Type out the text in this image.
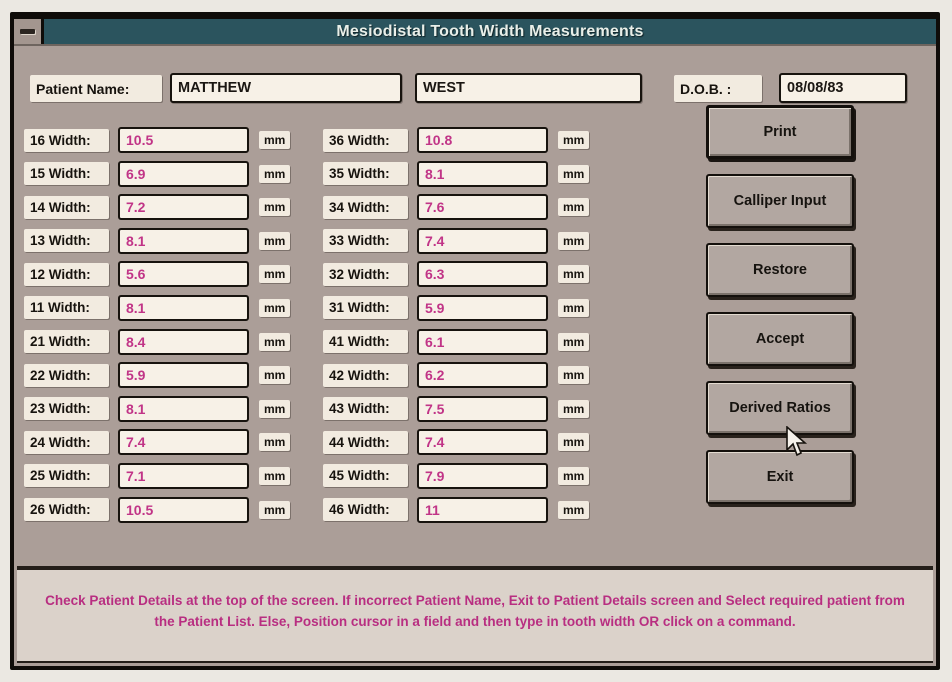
Mesiodistal Tooth Width Measurements
Patient Name:	MATTHEW	WEST	D.O.B. :	08/08/83
16 Width:	10.5	mm
15 Width:	6.9	mm
14 Width:	7.2	mm
13 Width:	8.1	mm
12 Width:	5.6	mm
11 Width:	8.1	mm
21 Width:	8.4	mm
22 Width:	5.9	mm
23 Width:	8.1	mm
24 Width:	7.4	mm
25 Width:	7.1	mm
26 Width:	10.5	mm
36 Width:	10.8	mm
35 Width:	8.1	mm
34 Width:	7.6	mm
33 Width:	7.4	mm
32 Width:	6.3	mm
31 Width:	5.9	mm
41 Width:	6.1	mm
42 Width:	6.2	mm
43 Width:	7.5	mm
44 Width:	7.4	mm
45 Width:	7.9	mm
46 Width:	11	mm
Print
Calliper Input
Restore
Accept
Derived Ratios
Exit

Check Patient Details at the top of the screen. If incorrect Patient Name, Exit to Patient Details screen and Select required patient from the Patient List. Else, Position cursor in a field and then type in tooth width OR click on a command.
